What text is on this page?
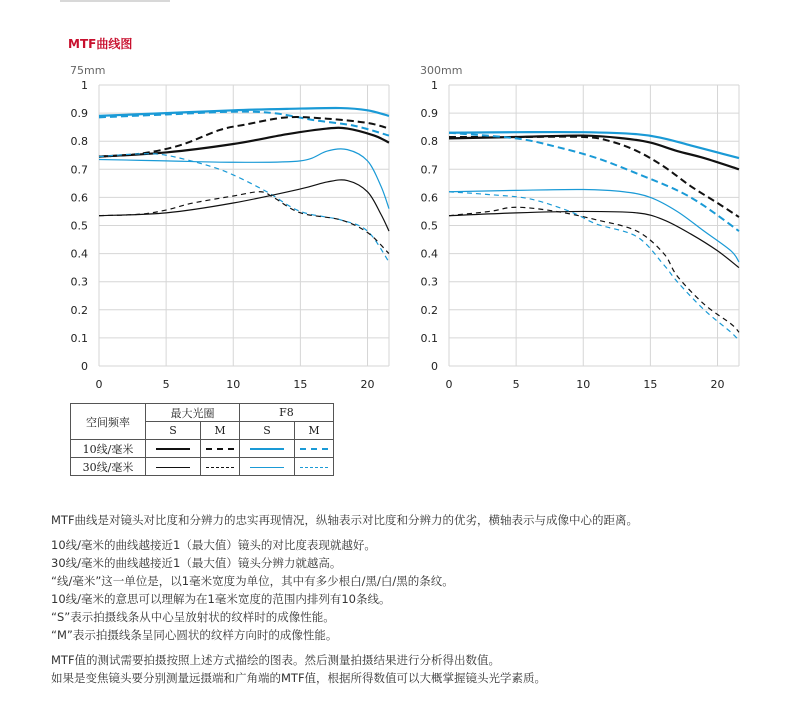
MTF曲线图
75mm
0
0.1
0.2
0.3
0.4
0.5
0.6
0.7
0.8
0.9
1
0	5	10	15	20
300mm
0
0.1
0.2
0.3
0.4
0.5
0.6
0.7
0.8
0.9
1
0	5	10	15	20
空间频率	最大光圈		F8	
	S	M	S	M
10线/毫米				
30线/毫米				
MTF曲线是对镜头对比度和分辨力的忠实再现情况，纵轴表示对比度和分辨力的优劣，横轴表示与成像中心的距离。
10线/毫米的曲线越接近1（最大值）镜头的对比度表现就越好。
30线/毫米的曲线越接近1（最大值）镜头分辨力就越高。
“线/毫米”这一单位是，以1毫米宽度为单位，其中有多少根白/黑/白/黑的条纹。
10线/毫米的意思可以理解为在1毫米宽度的范围内排列有10条线。
“S”表示拍摄线条从中心呈放射状的纹样时的成像性能。
“M”表示拍摄线条呈同心圆状的纹样方向时的成像性能。
MTF值的测试需要拍摄按照上述方式描绘的图表。然后测量拍摄结果进行分析得出数值。
如果是变焦镜头要分别测量远摄端和广角端的MTF值，根据所得数值可以大概掌握镜头光学素质。
